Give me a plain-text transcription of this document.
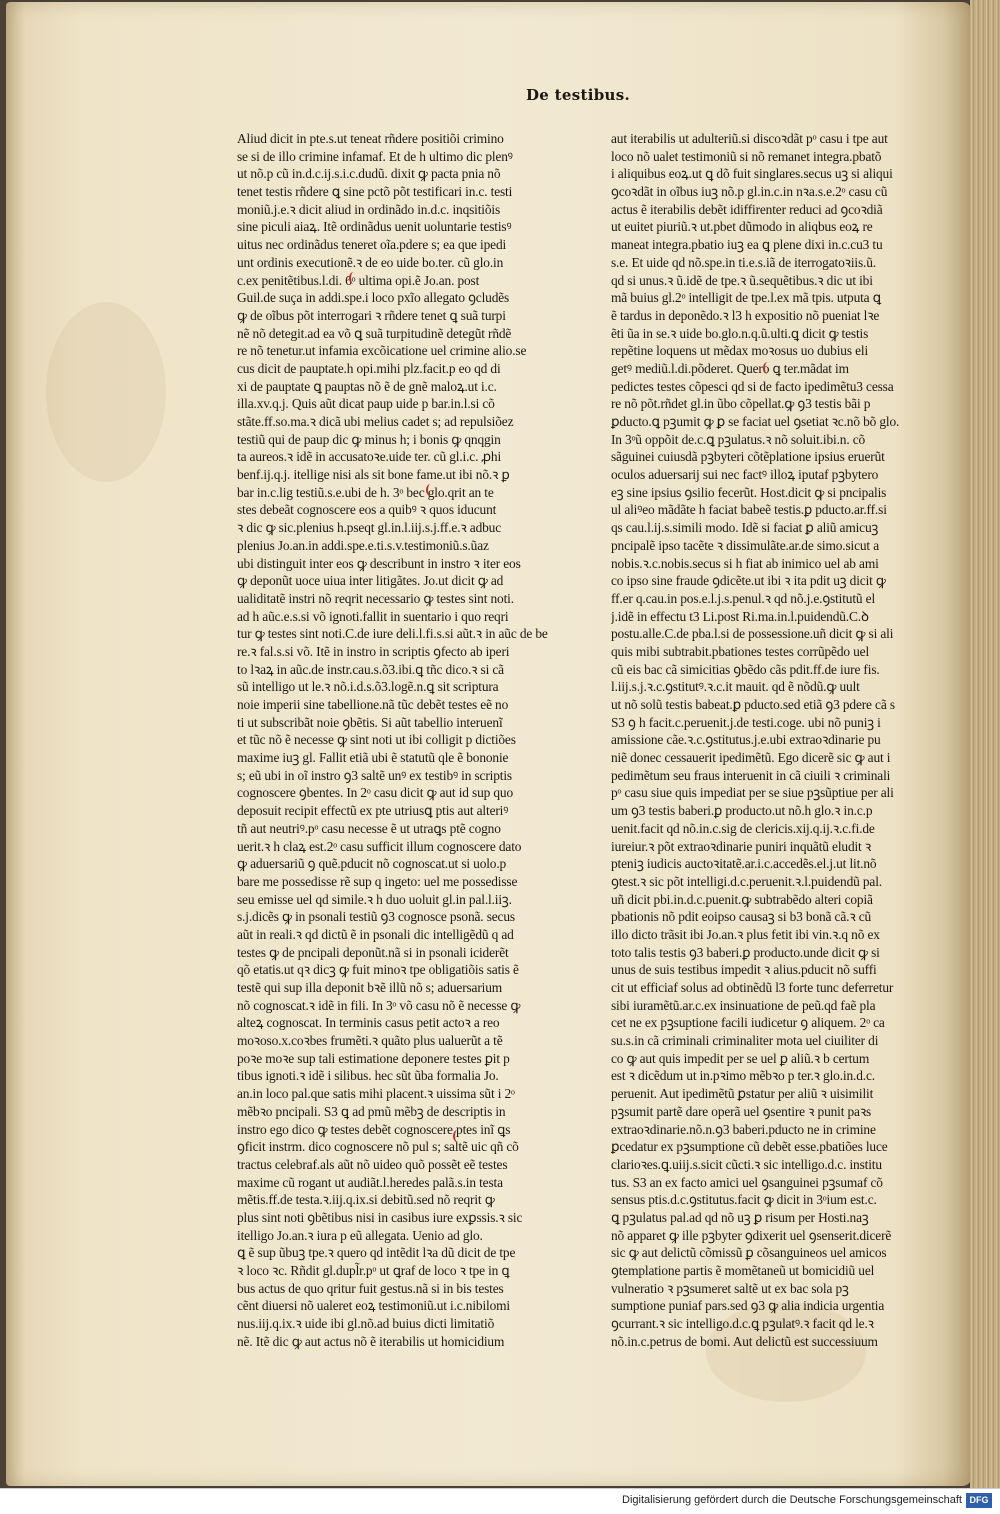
De testibus.
Aliud dicit in pte.s.ut teneat rñdere positiõi crimino
se si de illo crimine infamaf. Et de h ultimo dic plenꝰ
ut nõ.p cũ in.d.c.ij.s.i.c.dudũ. dixit ꝙ pacta pnia nõ
tenet testis rñdere ꝗ sine pctõ põt testificari in.c. testi
moniũ.j.e.ꝛ dicit aliud in ordinãdo in.d.c. inqsitiõis
sine piculi aiaꝝ. Itẽ ordinãdus uenit uoluntarie testisꝰ
uitus nec ordinãdus teneret oĩa.pdere s; ea que ipedi
unt ordinis executionẽ.ꝛ de eo uide bo.ter. cũ glo.in
c.ex penitẽtibus.l.di. 6ᵒ ultima opi.ẽ Jo.an. post
Guil.de suça in addi.spe.i loco pxĩo allegato ꝯcludẽs
ꝙ de oĩbus põt interrogari ꝛ rñdere tenet ꝗ suã turpi
nẽ nõ detegit.ad ea võ ꝗ suã turpitudinẽ detegũt rñdẽ
re nõ tenetur.ut infamia excõicatione uel crimine alio.se
cus dicit de pauptate.h opi.mihi plz.facit.p eo qd di
xi de pauptate ꝗ pauptas nõ ẽ de gnẽ maloꝝ.ut i.c.
illa.xv.q.j. Quis aũt dicat paup uide p bar.in.l.si cõ
stãte.ff.so.ma.ꝛ dicã ubi melius cadet s; ad repulsiõez
testiũ qui de paup dic ꝙ minus h; i bonis ꝙ qnqgin
ta aureos.ꝛ idẽ in accusatoꝛe.uide ter. cũ gl.i.c. ꝓhi
benf.ij.q.j. itellige nisi als sit bone fame.ut ibi nõ.ꝛ ꝑ
bar in.c.lig testiũ.s.e.ubi de h. 3ᵒ bec glo.qrit an te
stes debeãt cognoscere eos a quibꝰ ꝛ quos iducunt
ꝛ dic ꝙ sic.plenius h.pseqt gl.in.l.iij.s.j.ff.e.ꝛ adbuc
plenius Jo.an.in addi.spe.e.ti.s.v.testimoniũ.s.ũaz
ubi distinguit inter eos ꝙ describunt in instro ꝛ iter eos
ꝙ deponũt uoce uiua inter litigãtes. Jo.ut dicit ꝙ ad
ualiditatẽ instri nõ reqrit necessario ꝙ testes sint noti.
ad h aũc.e.s.si võ ignoti.fallit in suentario i quo reqri
tur ꝙ testes sint noti.C.de iure deli.l.fi.s.si aũt.ꝛ in aũc de be
re.ꝛ fal.s.si võ. Itẽ in instro in scriptis ꝯfecto ab iperi
to lꝛaꝝ in aũc.de instr.cau.s.õ3.ibi.ꝗ tñc dico.ꝛ si cã
sũ intelligo ut le.ꝛ nõ.i.d.s.õ3.logẽ.n.ꝗ sit scriptura
noie imperii sine tabellione.nã tũc debẽt testes eẽ no
ti ut subscribãt noie ꝯbẽtis. Si aũt tabellio interuenĩ
et tũc nõ ẽ necesse ꝙ sint noti ut ibi colligit p dictiões
maxime iuꝫ gl. Fallit etiã ubi ẽ statutũ qle ẽ bononie
s; eũ ubi in oĩ instro ꝯ3 saltẽ unꝰ ex testibꝰ in scriptis
cognoscere ꝯbentes. In 2ᵒ casu dicit ꝙ aut id sup quo
deposuit recipit effectũ ex pte utriusꝗ ptis aut alteriꝰ
tñ aut neutriꝰ.pᵒ casu necesse ẽ ut utraꝗs ptẽ cogno
uerit.ꝛ h claꝝ est.2ᵒ casu sufficit illum cognoscere dato
ꝙ aduersariũ ꝯ quẽ.pducit nõ cognoscat.ut si uolo.p
bare me possedisse rẽ sup q ingeto: uel me possedisse
seu emisse uel qd simile.ꝛ h duo uoluit gl.in pal.l.iiꝫ.
s.j.dicẽs ꝙ in psonali testiũ ꝯ3 cognosce psonã. secus
aũt in reali.ꝛ qd dictũ ẽ in psonali dic intelligẽdũ q ad
testes ꝙ de pncipali deponũt.nã si in psonali iciderẽt
qõ etatis.ut qꝛ dicꝫ ꝙ fuit minoꝛ tpe obligatiõis satis ẽ
testẽ qui sup illa deponit bꝛẽ illũ nõ s; aduersarium
nõ cognoscat.ꝛ idẽ in fili. In 3ᵒ võ casu nõ ẽ necesse ꝙ
alteꝝ cognoscat. In terminis casus petit actoꝛ a reo
moꝛoso.x.coꝛbes frumẽti.ꝛ quãto plus ualuerũt a tẽ
poꝛe moꝛe sup tali estimatione deponere testes ꝑit p
tibus ignoti.ꝛ idẽ i silibus. hec sũt ũba formalia Jo.
an.in loco pal.que satis mihi placent.ꝛ uissima sũt i 2ᵒ
mẽbꝛo pncipali. S3 ꝗ ad pmũ mẽbꝫ de descriptis in
instro ego dico ꝙ testes debẽt cognoscere ptes inĩ ꝗs
ꝯficit instrm. dico cognoscere nõ pul s; saltẽ uic qñ cõ
tractus celebraf.als aũt nõ uideo quõ possẽt eẽ testes
maxime cũ rogant ut audiãt.l.heredes palã.s.in testa
mẽtis.ff.de testa.ꝛ.iij.q.ix.si debitũ.sed nõ reqrit ꝙ
plus sint noti ꝯbẽtibus nisi in casibus iure exꝑssis.ꝛ sic
itelligo Jo.an.ꝛ iura p eũ allegata. Uenio ad glo.
ꝗ ẽ sup ũbuꝫ tpe.ꝛ quero qd intẽdit lꝛa dũ dicit de tpe
ꝛ loco ꝛc. Rñdit gl.dupl̃r.pᵒ ut ꝗraf de loco ꝛ tpe in ꝗ
bus actus de quo qritur fuit gestus.nã si in bis testes
cẽnt diuersi nõ ualeret eoꝝ testimoniũ.ut i.c.nibilomi
nus.iij.q.ix.ꝛ uide ibi gl.nõ.ad buius dicti limitatiõ
nẽ. Itẽ dic ꝙ aut actus nõ ẽ iterabilis ut homicidium
aut iterabilis ut adulteriũ.si discoꝛdãt pᵒ casu i tpe aut
loco nõ ualet testimoniũ si nõ remanet integra.pbatõ
i aliquibus eoꝝ.ut ꝗ dõ fuit singlares.secus uꝫ si aliqui
ꝯcoꝛdãt in oĩbus iuꝫ nõ.p gl.in.c.in nꝛa.s.e.2ᵒ casu cũ
actus ẽ iterabilis debẽt idiffirenter reduci ad ꝯcoꝛdiã
ut euitet piuriũ.ꝛ ut.pbet dũmodo in aliqbus eoꝝ re
maneat integra.pbatio iuꝫ ea ꝗ plene dixi in.c.cu3 tu
s.e. Et uide qd nõ.spe.in ti.e.s.iã de iterrogatoꝛiis.ũ.
qd si unus.ꝛ ũ.idẽ de tpe.ꝛ ũ.sequẽtibus.ꝛ dic ut ibi
mã buius gl.2ᵒ intelligit de tpe.l.ex mã tpis. utputa ꝗ
ẽ tardus in deponẽdo.ꝛ l3 h expositio nõ pueniat lꝛe
ẽti ũa in se.ꝛ uide bo.glo.n.q.ũ.ulti.ꝗ dicit ꝙ testis
repẽtine loquens ut mẽdax moꝛosus uo dubius eli
getꝰ mediũ.l.di.põderet. Quero ꝗ ter.mãdat im
pedictes testes cõpesci qd si de facto ipedimẽtu3 cessa
re nõ põt.rñdet gl.in ũbo cõpellat.ꝙ ꝯ3 testis bãi p
ꝑducto.ꝗ pꝫumit ꝙ ꝑ se faciat uel ꝯsetiat ꝛc.nõ bõ glo.
In 3ᵒũ oppõit de.c.ꝗ pꝫulatus.ꝛ nõ soluit.ibi.n. cõ
sãguinei cuiusdã pꝫbyteri cõtẽplatione ipsius eruerũt
oculos aduersarij sui nec factꝰ illoꝝ iputaf pꝫbytero
eꝫ sine ipsius ꝯsilio fecerũt. Host.dicit ꝙ si pncipalis
ul aliꝰeo mãdãte h faciat babeẽ testis.ꝑ pducto.ar.ff.si
qs cau.l.ij.s.simili modo. Idẽ si faciat ꝑ aliũ amicuꝫ
pncipalẽ ipso tacẽte ꝛ dissimulãte.ar.de simo.sicut a
nobis.ꝛ.c.nobis.secus si h fiat ab inimico uel ab ami
co ipso sine fraude ꝯdicẽte.ut ibi ꝛ ita pdit uꝫ dicit ꝙ
ff.er q.cau.in pos.e.l.j.s.penul.ꝛ qd nõ.j.e.ꝯstitutũ el
j.idẽ in effectu t3 Li.post Ri.ma.in.l.puidendũ.C.ꝺ
postu.alle.C.de pba.l.si de possessione.uñ dicit ꝙ si ali
quis mibi subtrabit.pbationes testes corrũpẽdo uel
cũ eis bac cã simicitias ꝯbẽdo cãs pdit.ff.de iure fis.
l.iij.s.j.ꝛ.c.ꝯstitutꝰ.ꝛ.c.it mauit. qd ẽ nõdũ.ꝙ uult
ut nõ solũ testis babeat.ꝑ pducto.sed etiã ꝯ3 pdere cã s
S3 ꝯ h facit.c.peruenit.j.de testi.coge. ubi nõ puniꝫ i
amissione cãe.ꝛ.c.ꝯstitutus.j.e.ubi extraoꝛdinarie pu
niẽ donec cessauerit ipedimẽtũ. Ego dicerẽ sic ꝙ aut i
pedimẽtum seu fraus interuenit in cã ciuili ꝛ criminali
pᵒ casu siue quis impediat per se siue pꝫsũptiue per ali
um ꝯ3 testis baberi.ꝑ producto.ut nõ.h glo.ꝛ in.c.p
uenit.facit qd nõ.in.c.sig de clericis.xij.q.ij.ꝛ.c.fi.de
iureiur.ꝛ põt extraoꝛdinarie puniri inquãtũ eludit ꝛ
pteniꝫ iudicis auctoꝛitatẽ.ar.i.c.accedẽs.el.j.ut lit.nõ
ꝯtest.ꝛ sic põt intelligi.d.c.peruenit.ꝛ.l.puidendũ pal.
uñ dicit pbi.in.d.c.puenit.ꝙ subtrabẽdo alteri copiã
pbationis nõ pdit eoipso causaꝫ si b3 bonã cã.ꝛ cũ
illo dicto trãsit ibi Jo.an.ꝛ plus fetit ibi vin.ꝛ.q nõ ex
toto talis testis ꝯ3 baberi.ꝑ producto.unde dicit ꝙ si
unus de suis testibus impedit ꝛ alius.pducit nõ suffi
cit ut efficiaf solus ad obtinẽdũ l3 forte tunc deferretur
sibi iuramẽtũ.ar.c.ex insinuatione de peũ.qd faẽ pla
cet ne ex pꝫsuptione facili iudicetur ꝯ aliquem. 2ᵒ ca
su.s.in cã criminali criminaliter mota uel ciuiliter di
co ꝙ aut quis impedit per se uel ꝑ aliũ.ꝛ b certum
est ꝛ dicẽdum ut in.pꝛimo mẽbꝛo p ter.ꝛ glo.in.d.c.
peruenit. Aut ipedimẽtũ ꝑstatur per aliũ ꝛ uisimilit
pꝫsumit partẽ dare operã uel ꝯsentire ꝛ punit paꝛs
extraoꝛdinarie.nõ.n.ꝯ3 baberi.pducto ne in crimine
ꝑcedatur ex pꝫsumptione cũ debẽt esse.pbatiões luce
clarioꝛes.ꝗ.uiij.s.sicit cũcti.ꝛ sic intelligo.d.c. institu
tus. S3 an ex facto amici uel ꝯsanguinei pꝫsumaf cõ
sensus ptis.d.c.ꝯstitutus.facit ꝙ dicit in 3ᵒium est.c.
ꝗ pꝫulatus pal.ad qd nõ uꝫ ꝑ risum per Hosti.naꝫ
nõ apparet ꝙ ille pꝫbyter ꝯdixerit uel ꝯsenserit.dicerẽ
sic ꝙ aut delictũ cõmissũ ꝑ cõsanguineos uel amicos
ꝯtemplatione partis ẽ momẽtaneũ ut bomicidiũ uel
vulneratio ꝛ pꝫsumeret saltẽ ut ex bac sola pꝫ
sumptione puniaf pars.sed ꝯ3 ꝙ alia indicia urgentia
ꝯcurrant.ꝛ sic intelligo.d.c.ꝗ pꝫulatꝰ.ꝛ facit qd le.ꝛ
nõ.in.c.petrus de bomi. Aut delictũ est successiuum
Digitalisierung gefördert durch die Deutsche Forschungsgemeinschaft DFG
